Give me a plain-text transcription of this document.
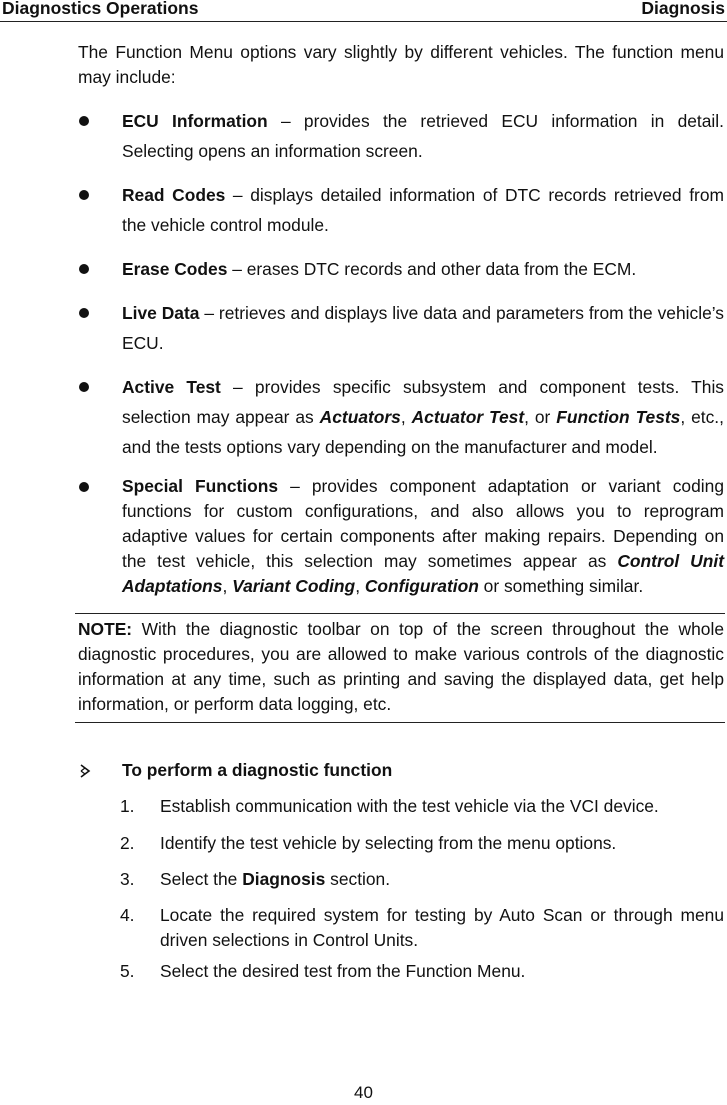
Diagnostics Operations	Diagnosis

The Function Menu options vary slightly by different vehicles. The function menu may include:

ECU Information – provides the retrieved ECU information in detail. Selecting opens an information screen.
Read Codes – displays detailed information of DTC records retrieved from the vehicle control module.
Erase Codes – erases DTC records and other data from the ECM.
Live Data – retrieves and displays live data and parameters from the vehicle’s ECU.
Active Test – provides specific subsystem and component tests. This selection may appear as Actuators, Actuator Test, or Function Tests, etc., and the tests options vary depending on the manufacturer and model.
Special Functions – provides component adaptation or variant coding functions for custom configurations, and also allows you to reprogram adaptive values for certain components after making repairs. Depending on the test vehicle, this selection may sometimes appear as Control Unit Adaptations, Variant Coding, Configuration or something similar.
NOTE: With the diagnostic toolbar on top of the screen throughout the whole diagnostic procedures, you are allowed to make various controls of the diagnostic information at any time, such as printing and saving the displayed data, get help information, or perform data logging, etc.
To perform a diagnostic function
1. Establish communication with the test vehicle via the VCI device.
2. Identify the test vehicle by selecting from the menu options.
3. Select the Diagnosis section.
4. Locate the required system for testing by Auto Scan or through menu driven selections in Control Units.
5. Select the desired test from the Function Menu.
40
